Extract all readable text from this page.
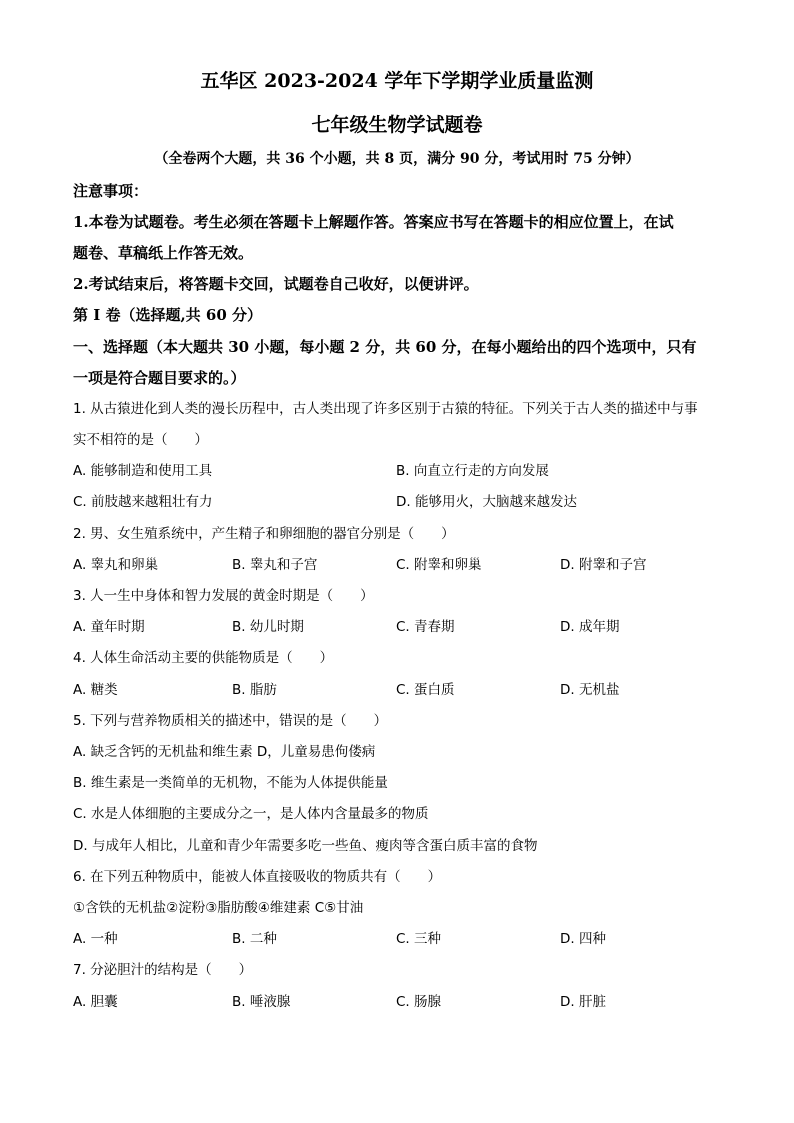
五华区 2023-2024 学年下学期学业质量监测
七年级生物学试题卷
（全卷两个大题，共 36 个小题，共 8 页，满分 90 分，考试用时 75 分钟）
注意事项：
1.本卷为试题卷。考生必须在答题卡上解题作答。答案应书写在答题卡的相应位置上，在试
题卷、草稿纸上作答无效。
2.考试结束后，将答题卡交回，试题卷自己收好，以便讲评。
第 I 卷（选择题,共 60 分）
一、选择题（本大题共 30 小题，每小题 2 分，共 60 分，在每小题给出的四个选项中，只有
一项是符合题目要求的。）
1. 从古猿进化到人类的漫长历程中，古人类出现了许多区别于古猿的特征。下列关于古人类的描述中与事
实不相符的是（　　）
A. 能够制造和使用工具	B. 向直立行走的方向发展
C. 前肢越来越粗壮有力	D. 能够用火，大脑越来越发达
2. 男、女生殖系统中，产生精子和卵细胞的器官分别是（　　）
A. 睾丸和卵巢	B. 睾丸和子宫	C. 附睾和卵巢	D. 附睾和子宫
3. 人一生中身体和智力发展的黄金时期是（　　）
A. 童年时期	B. 幼儿时期	C. 青春期	D. 成年期
4. 人体生命活动主要的供能物质是（　　）
A. 糖类	B. 脂肪	C. 蛋白质	D. 无机盐
5. 下列与营养物质相关的描述中，错误的是（　　）
A. 缺乏含钙的无机盐和维生素 D，儿童易患佝偻病
B. 维生素是一类简单的无机物，不能为人体提供能量
C. 水是人体细胞的主要成分之一，是人体内含量最多的物质
D. 与成年人相比，儿童和青少年需要多吃一些鱼、瘦肉等含蛋白质丰富的食物
6. 在下列五种物质中，能被人体直接吸收的物质共有（　　）
①含铁的无机盐②淀粉③脂肪酸④维建素 C⑤甘油
A. 一种	B. 二种	C. 三种	D. 四种
7. 分泌胆汁的结构是（　　）
A. 胆囊	B. 唾液腺	C. 肠腺	D. 肝脏
